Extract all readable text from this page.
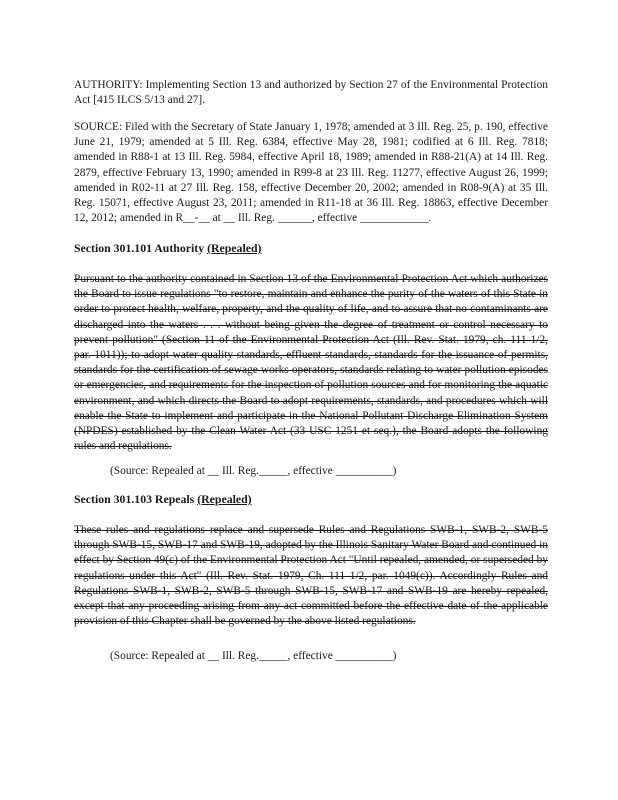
AUTHORITY: Implementing Section 13 and authorized by Section 27 of the Environmental Protection Act [415 ILCS 5/13 and 27].

SOURCE: Filed with the Secretary of State January 1, 1978; amended at 3 Ill. Reg. 25, p. 190, effective June 21, 1979; amended at 5 Ill. Reg. 6384, effective May 28, 1981; codified at 6 Ill. Reg. 7818; amended in R88-1 at 13 Ill. Reg. 5984, effective April 18, 1989; amended in R88-21(A) at 14 Ill. Reg. 2879, effective February 13, 1990; amended in R99-8 at 23 Ill. Reg. 11277, effective August 26, 1999; amended in R02-11 at 27 Ill. Reg. 158, effective December 20, 2002; amended in R08-9(A) at 35 Ill. Reg. 15071, effective August 23, 2011; amended in R11-18 at 36 Ill. Reg. 18863, effective December 12, 2012; amended in R__-__ at __ Ill. Reg. ______, effective ____________.

Section 301.101 Authority (Repealed)

Pursuant to the authority contained in Section 13 of the Environmental Protection Act which authorizes the Board to issue regulations "to restore, maintain and enhance the purity of the waters of this State in order to protect health, welfare, property, and the quality of life, and to assure that no contaminants are discharged into the waters . . . without being given the degree of treatment or control necessary to prevent pollution" (Section 11 of the Environmental Protection Act (Ill. Rev. Stat. 1979, ch. 111 1/2, par. 1011)); to adopt water quality standards, effluent standards, standards for the issuance of permits, standards for the certification of sewage works operators, standards relating to water pollution episodes or emergencies, and requirements for the inspection of pollution sources and for monitoring the aquatic environment, and which directs the Board to adopt requirements, standards, and procedures which will enable the State to implement and participate in the National Pollutant Discharge Elimination System (NPDES) established by the Clean Water Act (33 USC 1251 et seq.), the Board adopts the following rules and regulations.

(Source: Repealed at __ Ill. Reg._____, effective __________)
Section 301.103 Repeals (Repealed)

These rules and regulations replace and supersede Rules and Regulations SWB-1, SWB-2, SWB-5 through SWB-15, SWB-17 and SWB-19, adopted by the Illinois Sanitary Water Board and continued in effect by Section 49(c) of the Environmental Protection Act "Until repealed, amended, or superseded by regulations under this Act" (Ill. Rev. Stat. 1979, Ch. 111 1/2, par. 1049(c)). Accordingly Rules and Regulations SWB-1, SWB-2, SWB-5 through SWB-15, SWB-17 and SWB-19 are hereby repealed, except that any proceeding arising from any act committed before the effective date of the applicable provision of this Chapter shall be governed by the above listed regulations.

(Source: Repealed at __ Ill. Reg._____, effective __________)
